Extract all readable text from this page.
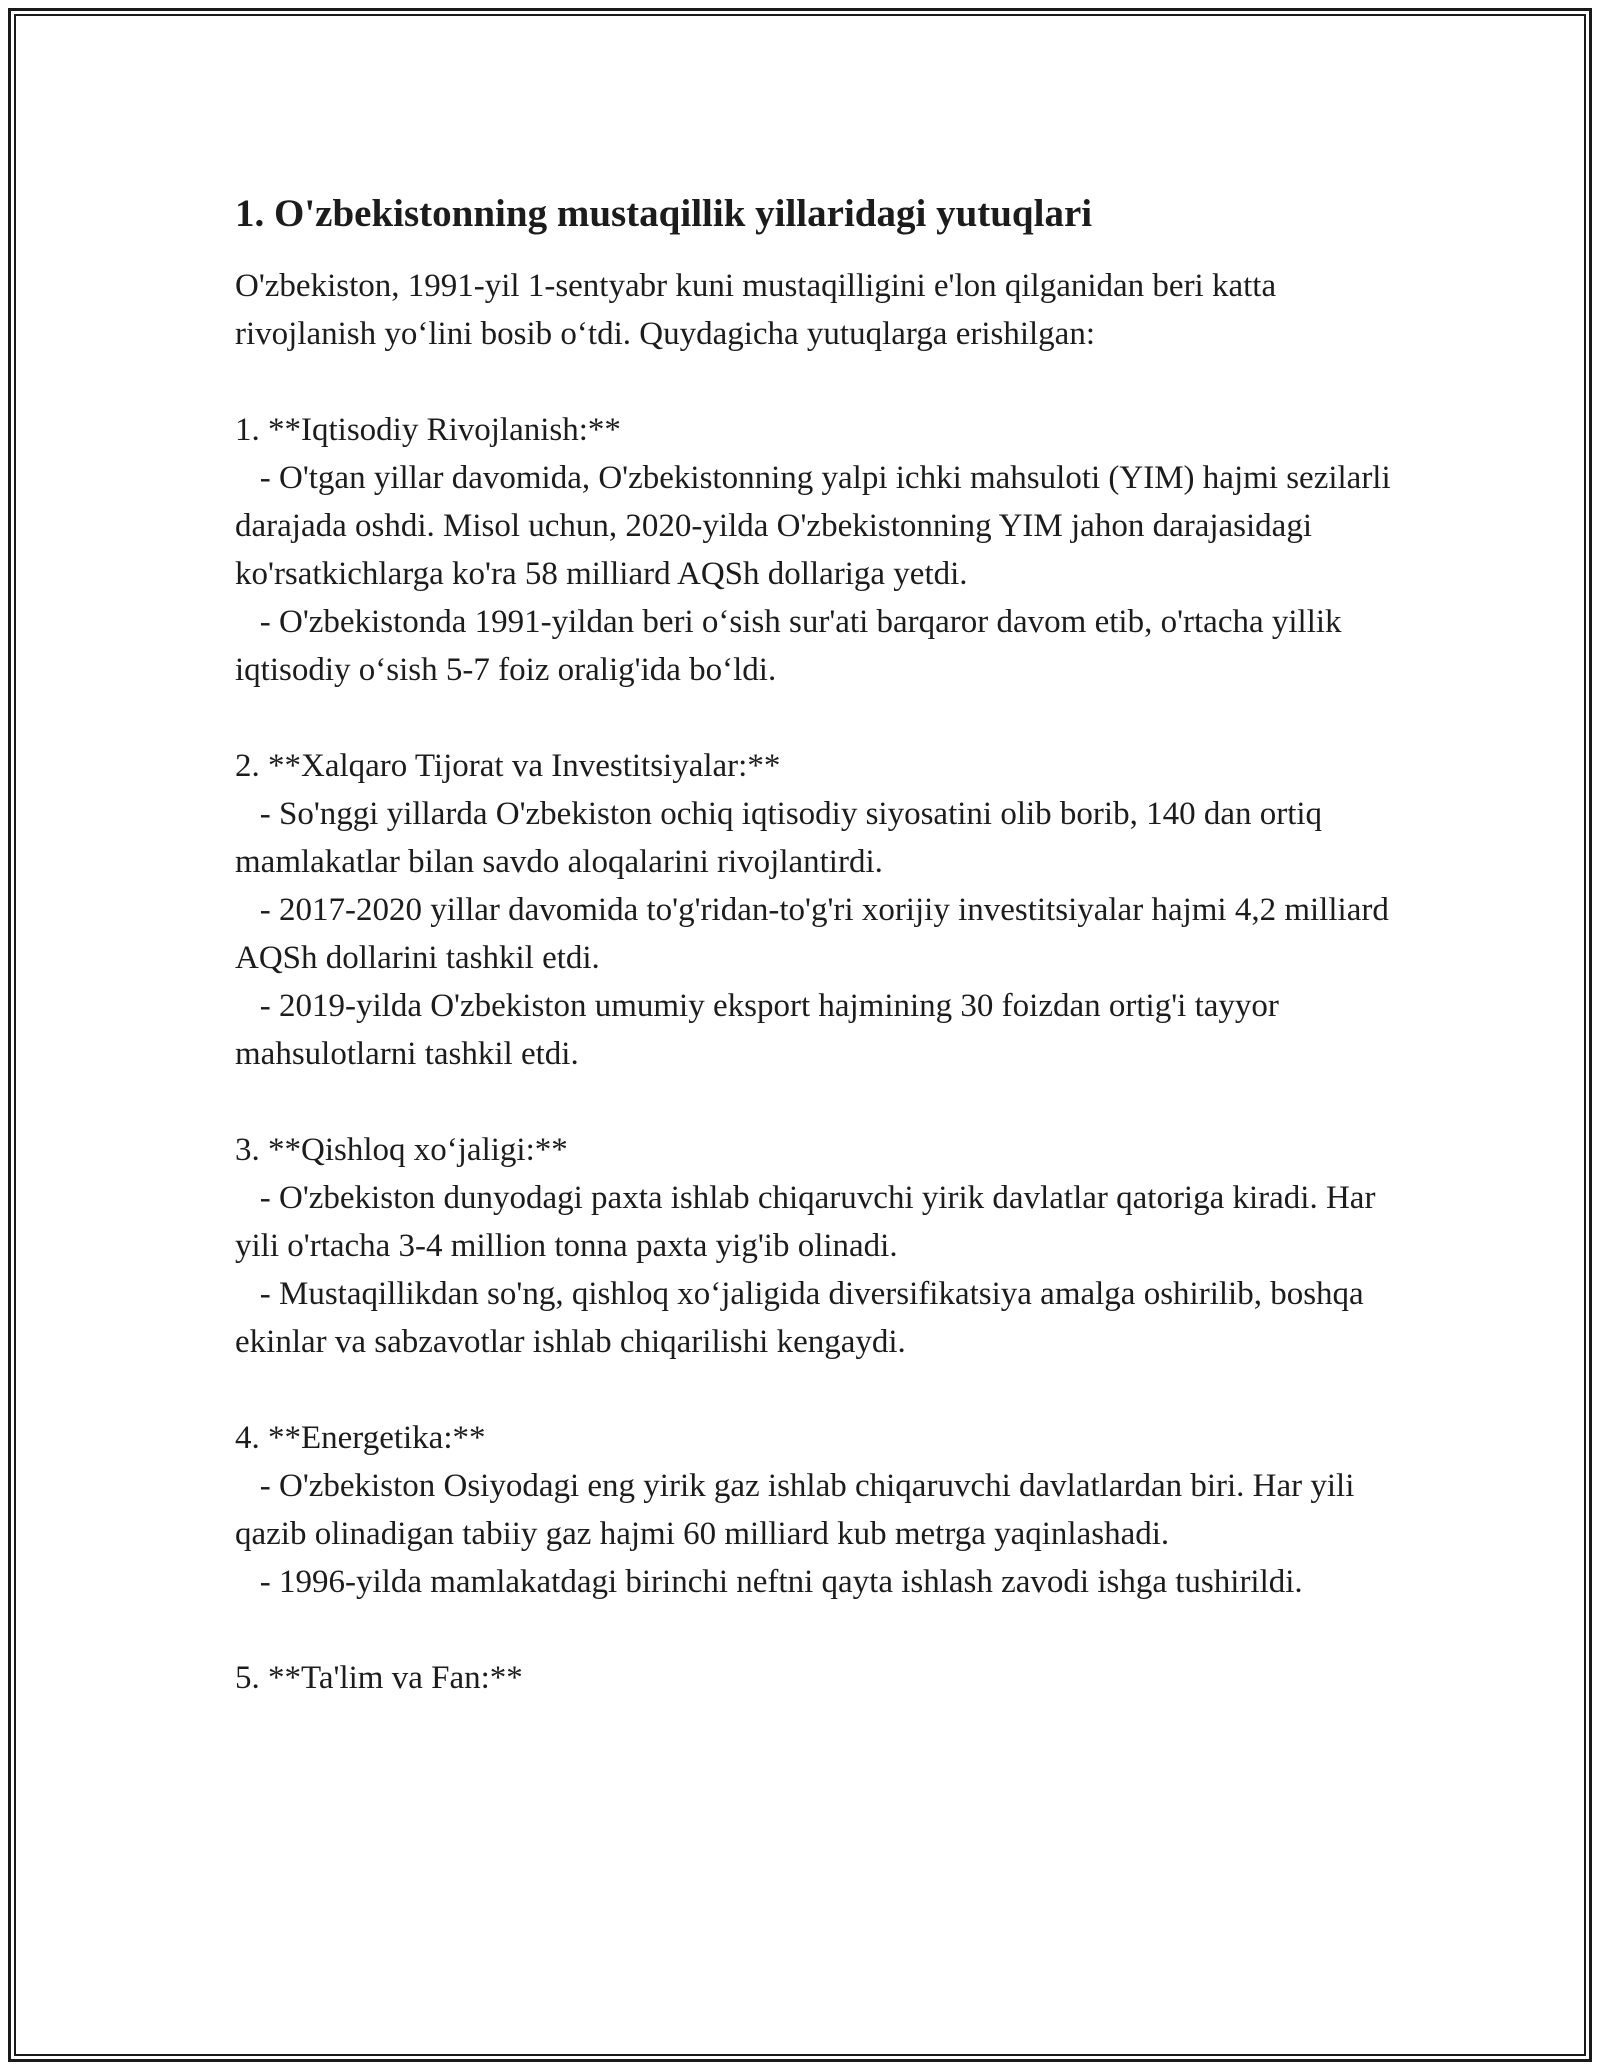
1. O'zbekistonning mustaqillik yillaridagi yutuqlari

O'zbekiston, 1991-yil 1-sentyabr kuni mustaqilligini e'lon qilganidan beri katta rivojlanish yo‘lini bosib o‘tdi. Quydagicha yutuqlarga erishilgan:

1. **Iqtisodiy Rivojlanish:**

- O'tgan yillar davomida, O'zbekistonning yalpi ichki mahsuloti (YIM) hajmi sezilarli darajada oshdi. Misol uchun, 2020-yilda O'zbekistonning YIM jahon darajasidagi ko'rsatkichlarga ko'ra 58 milliard AQSh dollariga yetdi.

- O'zbekistonda 1991-yildan beri o‘sish sur'ati barqaror davom etib, o'rtacha yillik iqtisodiy o‘sish 5-7 foiz oralig'ida bo‘ldi.

2. **Xalqaro Tijorat va Investitsiyalar:**

- So'nggi yillarda O'zbekiston ochiq iqtisodiy siyosatini olib borib, 140 dan ortiq mamlakatlar bilan savdo aloqalarini rivojlantirdi.

- 2017-2020 yillar davomida to'g'ridan-to'g'ri xorijiy investitsiyalar hajmi 4,2 milliard AQSh dollarini tashkil etdi.

- 2019-yilda O'zbekiston umumiy eksport hajmining 30 foizdan ortig'i tayyor mahsulotlarni tashkil etdi.

3. **Qishloq xo‘jaligi:**

- O'zbekiston dunyodagi paxta ishlab chiqaruvchi yirik davlatlar qatoriga kiradi. Har yili o'rtacha 3-4 million tonna paxta yig'ib olinadi.

- Mustaqillikdan so'ng, qishloq xo‘jaligida diversifikatsiya amalga oshirilib, boshqa ekinlar va sabzavotlar ishlab chiqarilishi kengaydi.

4. **Energetika:**

- O'zbekiston Osiyodagi eng yirik gaz ishlab chiqaruvchi davlatlardan biri. Har yili qazib olinadigan tabiiy gaz hajmi 60 milliard kub metrga yaqinlashadi.

- 1996-yilda mamlakatdagi birinchi neftni qayta ishlash zavodi ishga tushirildi.

5. **Ta'lim va Fan:**
